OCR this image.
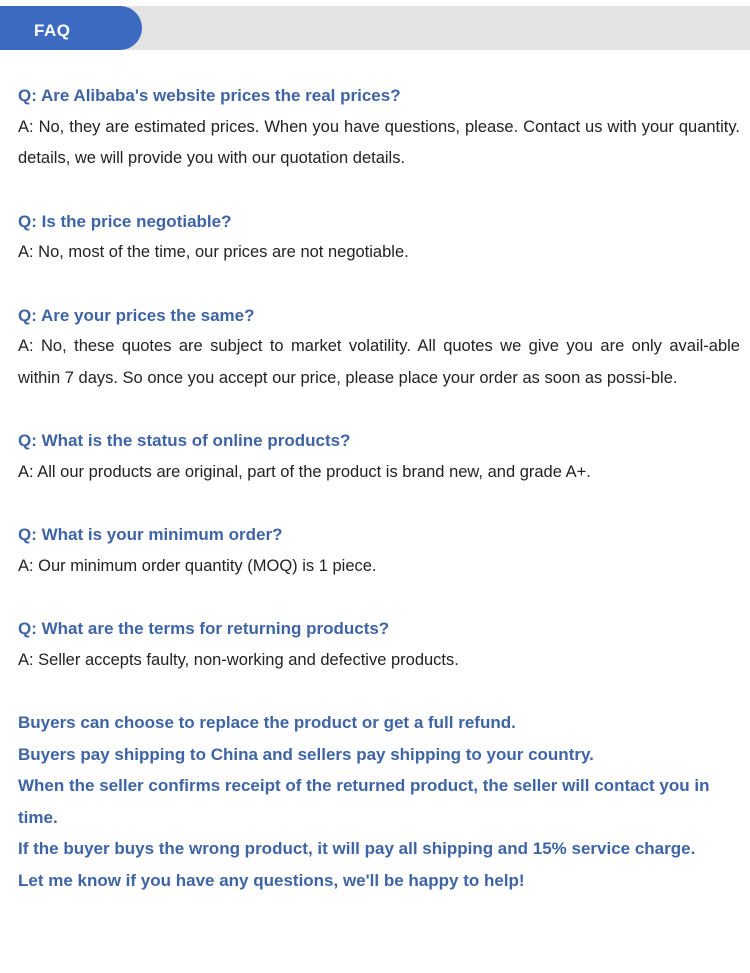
FAQ

Q: Are Alibaba's website prices the real prices?

A: No, they are estimated prices. When you have questions, please. Contact us with your quantity. details, we will provide you with our quotation details.

Q: Is the price negotiable?

A: No, most of the time, our prices are not negotiable.

Q: Are your prices the same?

A: No, these quotes are subject to market volatility. All quotes we give you are only avail-able within 7 days. So once you accept our price, please place your order as soon as possi-ble.

Q: What is the status of online products?

A: All our products are original, part of the product is brand new, and grade A+.

Q: What is your minimum order?

A: Our minimum order quantity (MOQ) is 1 piece.

Q: What are the terms for returning products?

A: Seller accepts faulty, non-working and defective products.

Buyers can choose to replace the product or get a full refund.

Buyers pay shipping to China and sellers pay shipping to your country.

When the seller confirms receipt of the returned product, the seller will contact you in time.

If the buyer buys the wrong product, it will pay all shipping and 15% service charge.

Let me know if you have any questions, we'll be happy to help!
